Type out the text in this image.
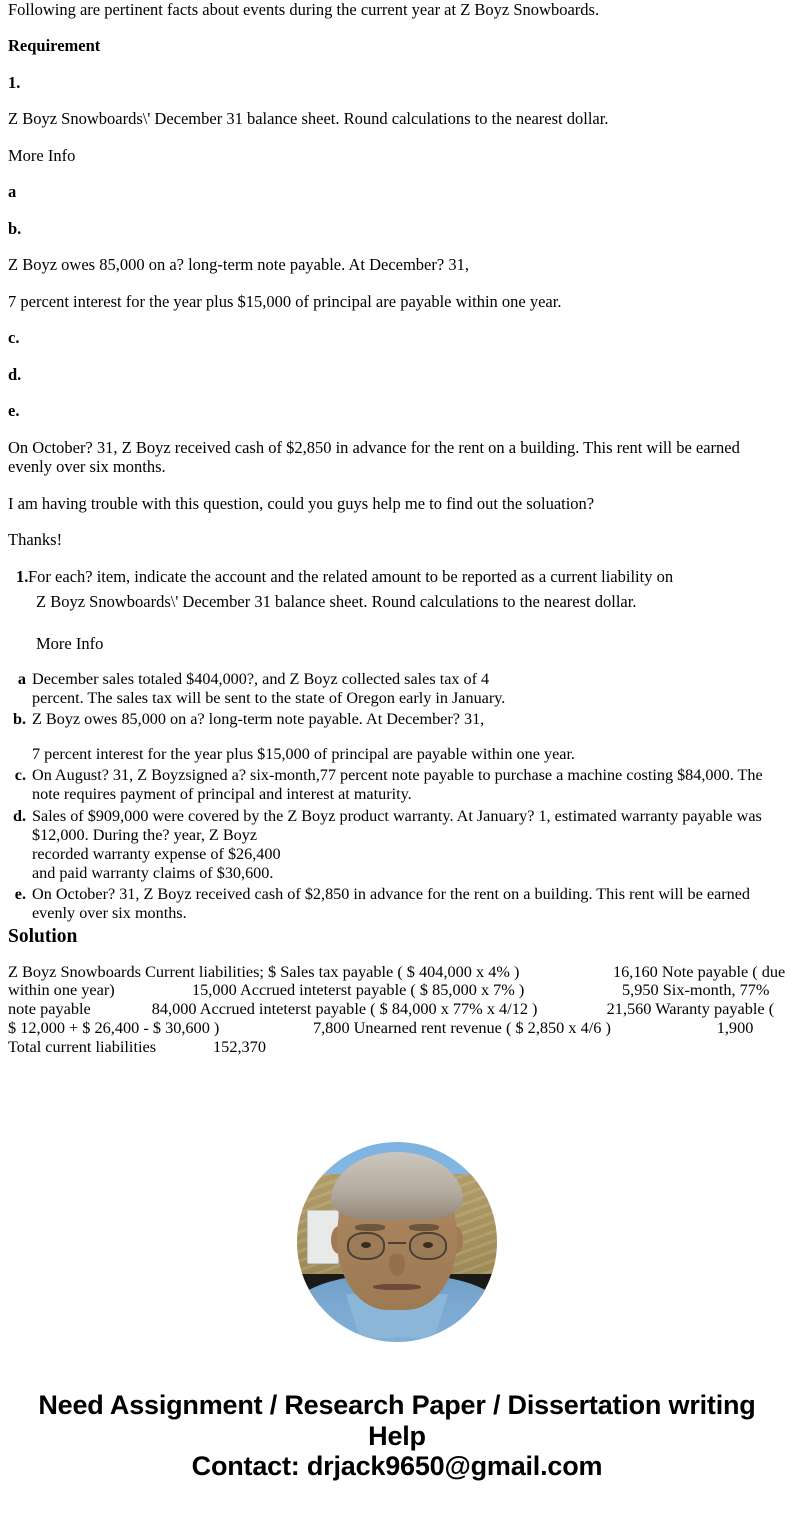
Following are pertinent facts about events during the current year at Z Boyz Snowboards.

Requirement
1.

Z Boyz Snowboards\' December 31 balance sheet. Round calculations to the nearest dollar.

More Info

a
b.

Z Boyz owes 85,000 on a? long-term note payable. At December? 31,

7 percent interest for the year plus $15,000 of principal are payable within one year.

c.
d.
e.

On October? 31, Z Boyz received cash of $2,850 in advance for the rent on a building. This rent will be earned evenly over six months.

I am having trouble with this question, could you guys help me to find out the soluation?

Thanks!

1. For each? item, indicate the account and the related amount to be reported as a current liability on
Z Boyz Snowboards\' December 31 balance sheet. Round calculations to the nearest dollar.
More Info
a December sales totaled $404,000?, and Z Boyz collected sales tax of 4
percent. The sales tax will be sent to the state of Oregon early in January.
b. Z Boyz owes 85,000 on a? long-term note payable. At December? 31,
7 percent interest for the year plus $15,000 of principal are payable within one year.
c. On August? 31, Z Boyzsigned a? six-month,77 percent note payable to purchase a machine costing $84,000. The note requires payment of principal and interest at maturity.
d. Sales of $909,000 were covered by the Z Boyz product warranty. At January? 1, estimated warranty payable was $12,000. During the? year, Z Boyz
recorded warranty expense of $26,400
and paid warranty claims of $30,600.
e. On October? 31, Z Boyz received cash of $2,850 in advance for the rent on a building. This rent will be earned evenly over six months.
Solution
Z Boyz Snowboards Current liabilities; $ Sales tax payable ( $ 404,000 x 4% )                       16,160 Note payable ( due within one year)                   15,000 Accrued inteterst payable ( $ 85,000 x 7% )                        5,950 Six-month, 77% note payable               84,000 Accrued inteterst payable ( $ 84,000 x 77% x 4/12 )                 21,560 Waranty payable ( $ 12,000 + $ 26,400 - $ 30,600 )                       7,800 Unearned rent revenue ( $ 2,850 x 4/6 )                          1,900 Total current liabilities              152,370
Need Assignment / Research Paper / Dissertation writing Help
Contact: drjack9650@gmail.com
